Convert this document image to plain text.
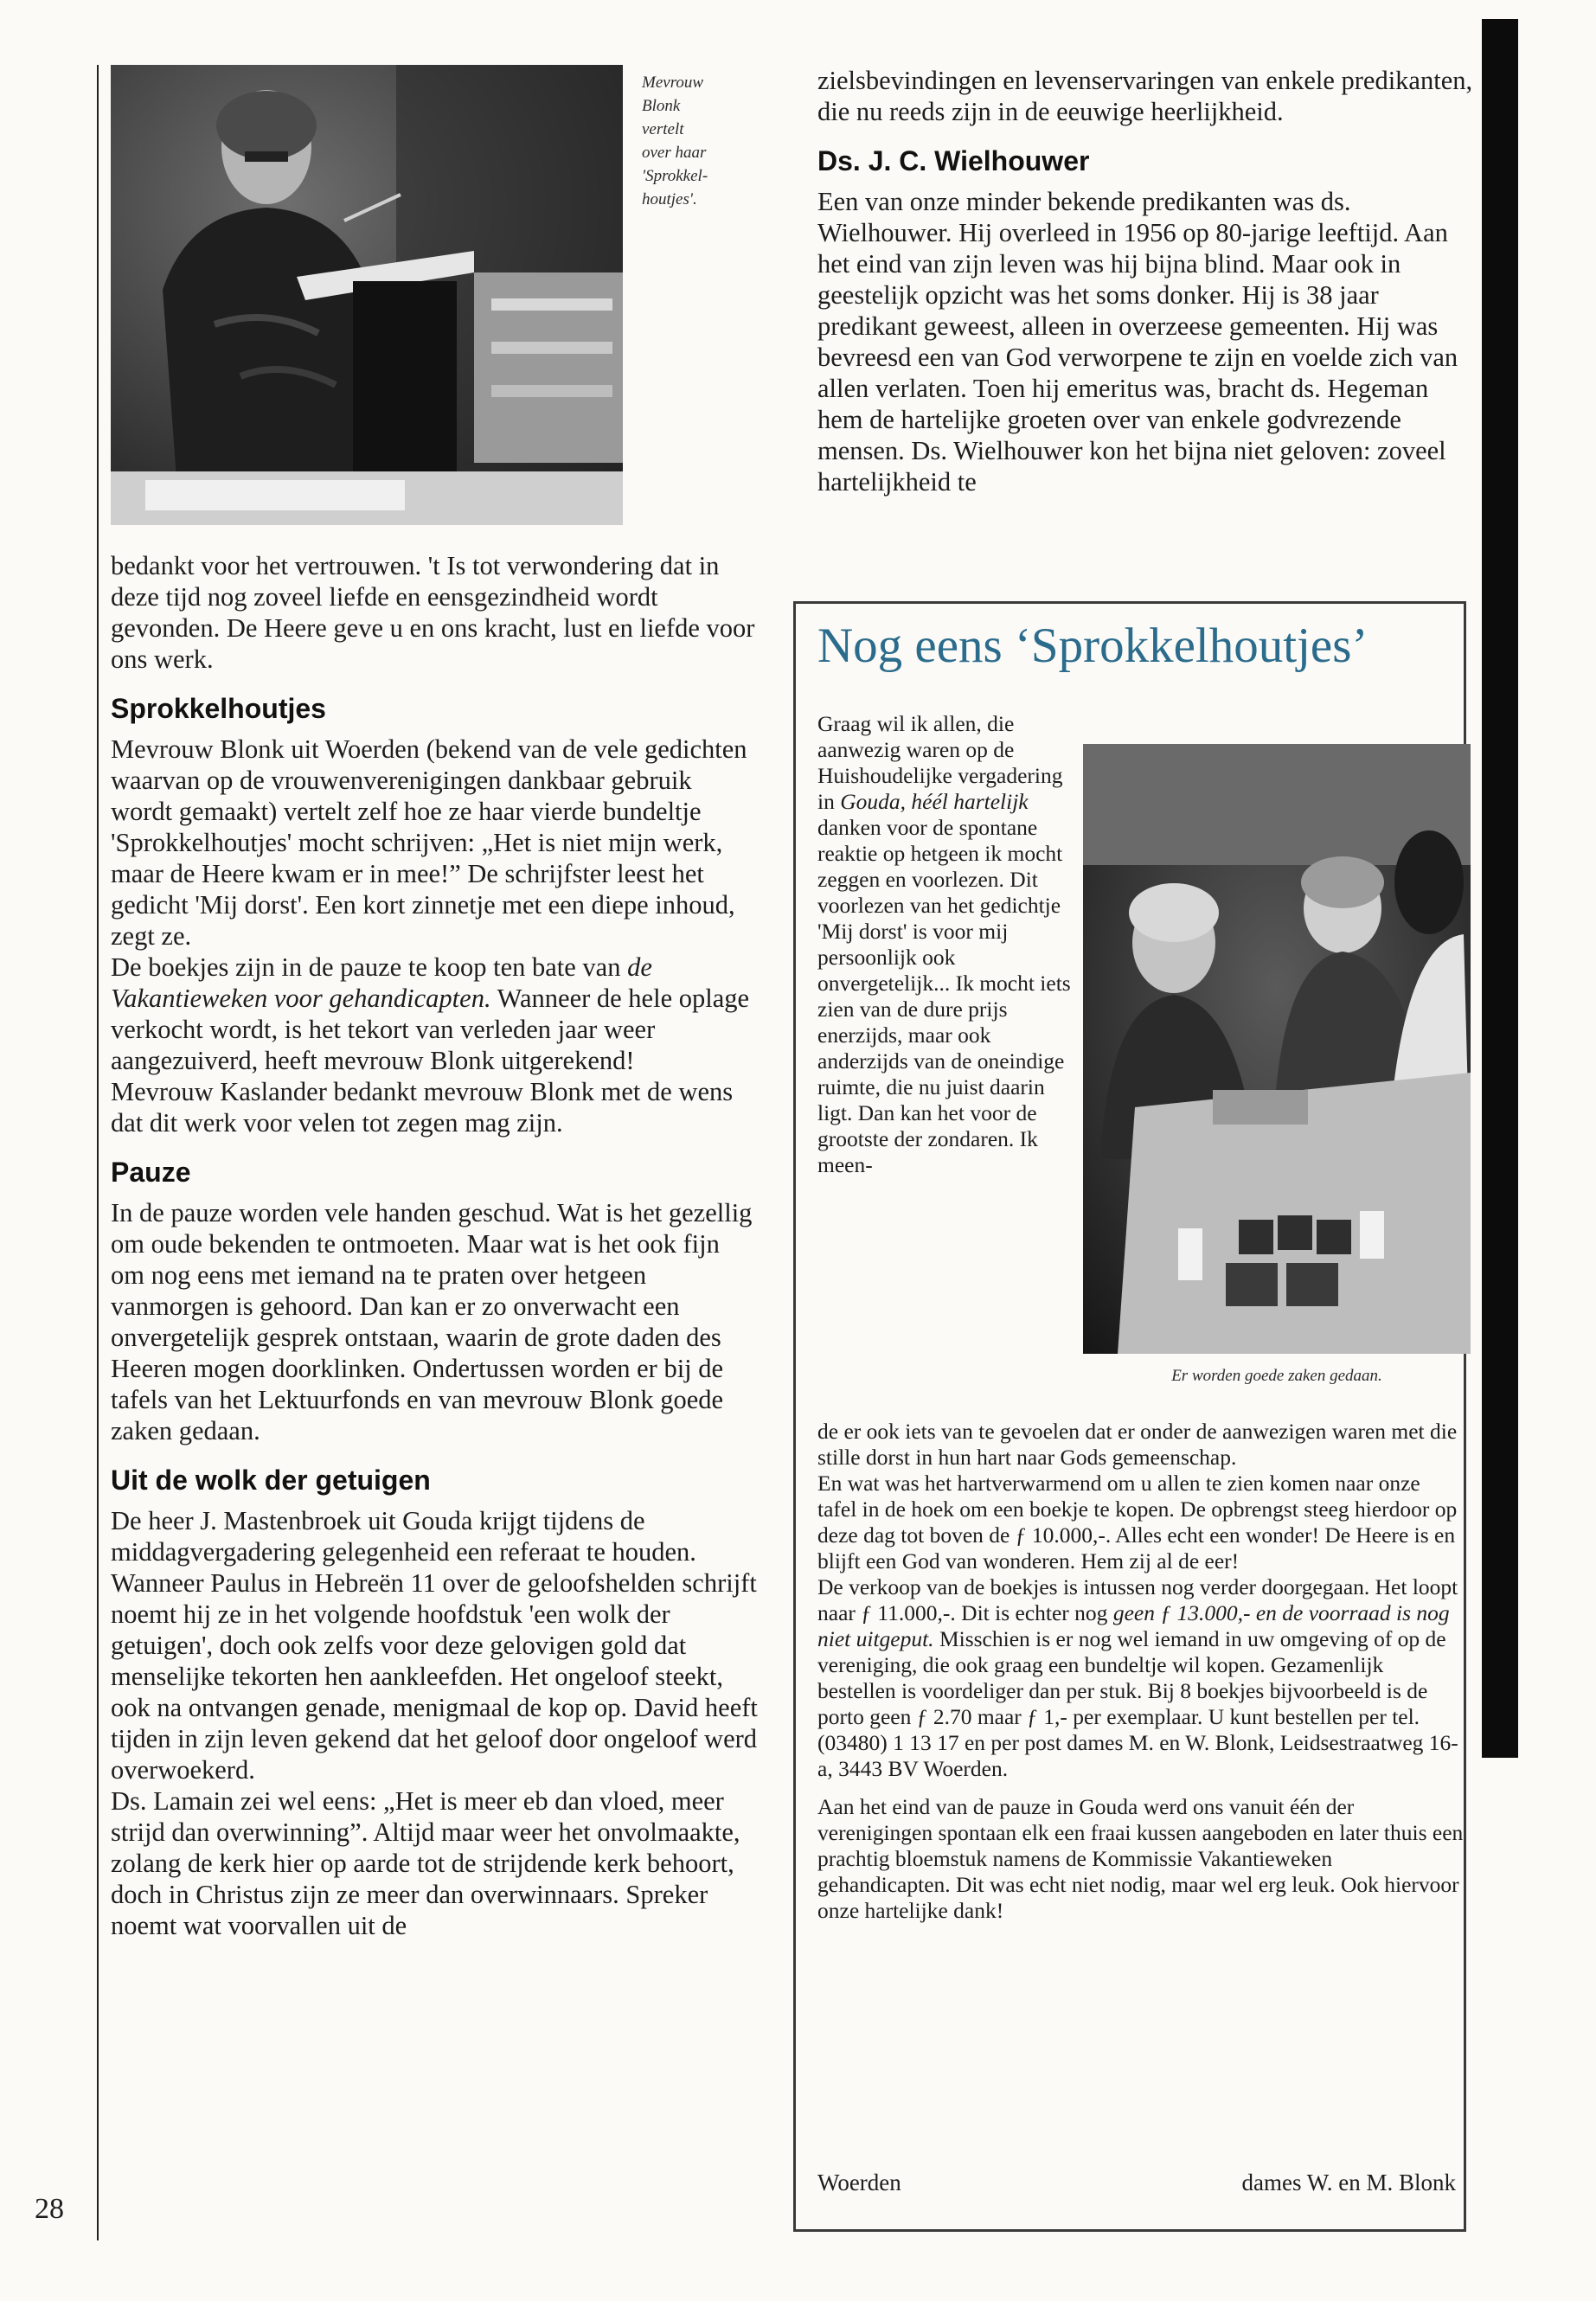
28
Mevrouw
Blonk
vertelt
over haar
'Sprokkel-
houtjes'.

bedankt voor het vertrouwen. 't Is tot verwondering dat in deze tijd nog zoveel liefde en eensgezindheid wordt gevonden. De Heere geve u en ons kracht, lust en liefde voor ons werk.

Sprokkelhoutjes

Mevrouw Blonk uit Woerden (bekend van de vele gedichten waarvan op de vrouwenverenigingen dankbaar gebruik wordt gemaakt) vertelt zelf hoe ze haar vierde bundeltje 'Sprokkelhoutjes' mocht schrijven: „Het is niet mijn werk, maar de Heere kwam er in mee!” De schrijfster leest het gedicht 'Mij dorst'. Een kort zinnetje met een diepe inhoud, zegt ze.

De boekjes zijn in de pauze te koop ten bate van de Vakantieweken voor gehandicapten. Wanneer de hele oplage verkocht wordt, is het tekort van verleden jaar weer aangezuiverd, heeft mevrouw Blonk uitgerekend!

Mevrouw Kaslander bedankt mevrouw Blonk met de wens dat dit werk voor velen tot zegen mag zijn.

Pauze

In de pauze worden vele handen geschud. Wat is het gezellig om oude bekenden te ontmoeten. Maar wat is het ook fijn om nog eens met iemand na te praten over hetgeen vanmorgen is gehoord. Dan kan er zo onverwacht een onvergetelijk gesprek ontstaan, waarin de grote daden des Heeren mogen doorklinken. Ondertussen worden er bij de tafels van het Lektuurfonds en van mevrouw Blonk goede zaken gedaan.

Uit de wolk der getuigen

De heer J. Mastenbroek uit Gouda krijgt tijdens de middagvergadering gelegenheid een referaat te houden.

Wanneer Paulus in Hebreën 11 over de geloofshelden schrijft noemt hij ze in het volgende hoofdstuk 'een wolk der getuigen', doch ook zelfs voor deze gelovigen gold dat menselijke tekorten hen aankleefden. Het ongeloof steekt, ook na ontvangen genade, menigmaal de kop op. David heeft tijden in zijn leven gekend dat het geloof door ongeloof werd overwoekerd.

Ds. Lamain zei wel eens: „Het is meer eb dan vloed, meer strijd dan overwinning”. Altijd maar weer het onvolmaakte, zolang de kerk hier op aarde tot de strijdende kerk behoort, doch in Christus zijn ze meer dan overwinnaars. Spreker noemt wat voorvallen uit de

zielsbevindingen en levenservaringen van enkele predikanten, die nu reeds zijn in de eeuwige heerlijkheid.

Ds. J. C. Wielhouwer

Een van onze minder bekende predikanten was ds. Wielhouwer. Hij overleed in 1956 op 80-jarige leeftijd. Aan het eind van zijn leven was hij bijna blind. Maar ook in geestelijk opzicht was het soms donker. Hij is 38 jaar predikant geweest, alleen in overzeese gemeenten. Hij was bevreesd een van God verworpene te zijn en voelde zich van allen verlaten. Toen hij emeritus was, bracht ds. Hegeman hem de hartelijke groeten over van enkele godvrezende mensen. Ds. Wielhouwer kon het bijna niet geloven: zoveel hartelijkheid te

Nog eens ‘Sprokkelhoutjes’
Er worden goede zaken gedaan.

Graag wil ik allen, die aanwezig waren op de Huishoudelijke vergadering in Gouda, héél hartelijk danken voor de spontane reaktie op hetgeen ik mocht zeggen en voorlezen. Dit voorlezen van het gedichtje 'Mij dorst' is voor mij persoonlijk ook onvergetelijk... Ik mocht iets zien van de dure prijs enerzijds, maar ook anderzijds van de oneindige ruimte, die nu juist daarin ligt. Dan kan het voor de grootste der zondaren. Ik meen-

de er ook iets van te gevoelen dat er onder de aanwezigen waren met die stille dorst in hun hart naar Gods gemeenschap.

En wat was het hartverwarmend om u allen te zien komen naar onze tafel in de hoek om een boekje te kopen. De opbrengst steeg hierdoor op deze dag tot boven de ƒ 10.000,-. Alles echt een wonder! De Heere is en blijft een God van wonderen. Hem zij al de eer!

De verkoop van de boekjes is intussen nog verder doorgegaan. Het loopt naar ƒ 11.000,-. Dit is echter nog geen ƒ 13.000,- en de voorraad is nog niet uitgeput. Misschien is er nog wel iemand in uw omgeving of op de vereniging, die ook graag een bundeltje wil kopen. Gezamenlijk bestellen is voordeliger dan per stuk. Bij 8 boekjes bijvoorbeeld is de porto geen ƒ 2.70 maar ƒ 1,- per exemplaar. U kunt bestellen per tel. (03480) 1 13 17 en per post dames M. en W. Blonk, Leidsestraatweg 16-a, 3443 BV Woerden.

Aan het eind van de pauze in Gouda werd ons vanuit één der verenigingen spontaan elk een fraai kussen aangeboden en later thuis een prachtig bloemstuk namens de Kommissie Vakantieweken gehandicapten. Dit was echt niet nodig, maar wel erg leuk. Ook hiervoor onze hartelijke dank!

Woerden	dames W. en M. Blonk
